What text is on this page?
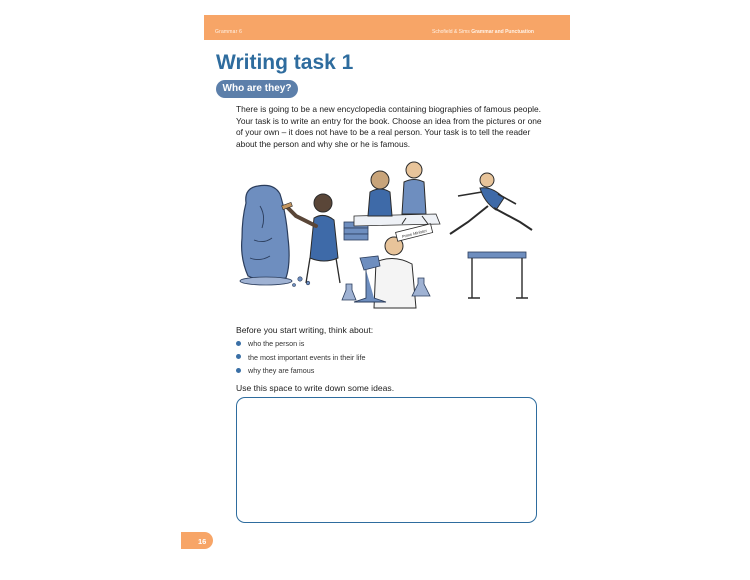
Grammar 6	Schofield & Sims Grammar and Punctuation
Writing task 1
Who are they?

There is going to be a new encyclopedia containing biographies of famous people. Your task is to write an entry for the book. Choose an idea from the pictures or one of your own – it does not have to be a real person. Your task is to tell the reader about the person and why she or he is famous.

Prime Minister
Before you start writing, think about:
who the person is
the most important events in their life
why they are famous
Use this space to write down some ideas.
16
